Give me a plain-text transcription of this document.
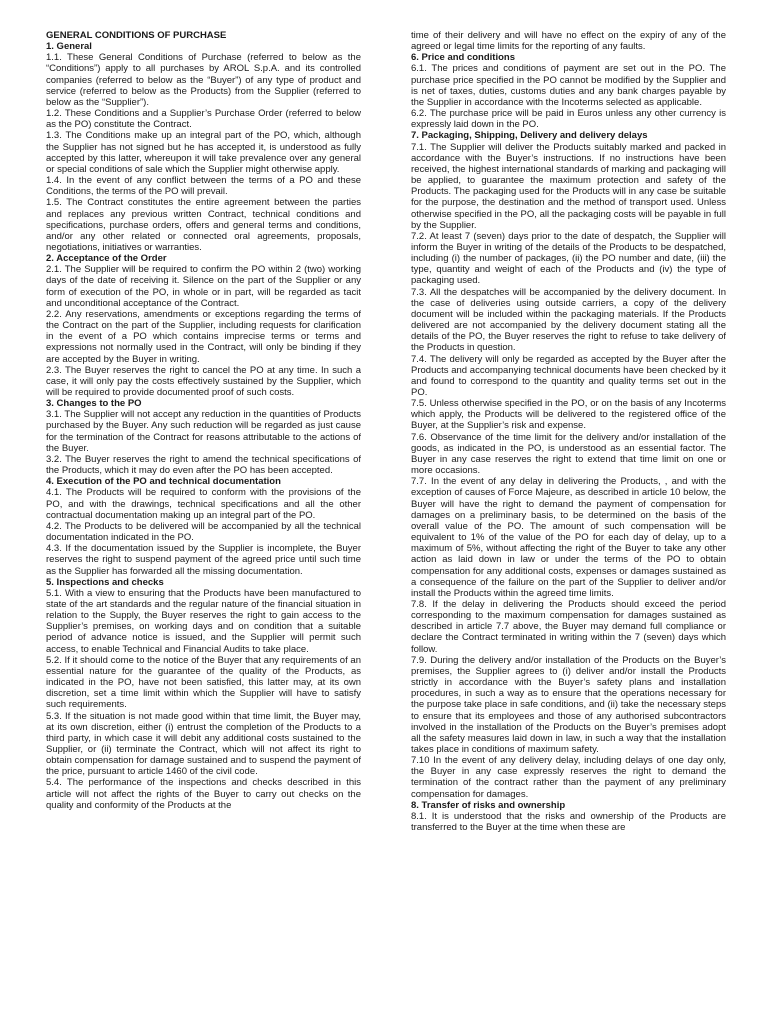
GENERAL CONDITIONS OF PURCHASE
1. General

1.1. These General Conditions of Purchase (referred to below as the “Conditions”) apply to all purchases by AROL S.p.A. and its controlled companies (referred to below as the “Buyer”) of any type of product and service (referred to below as the Products) from the Supplier (referred to below as the “Supplier”).

1.2. These Conditions and a Supplier’s Purchase Order (referred to below as the PO) constitute the Contract.

1.3. The Conditions make up an integral part of the PO, which, although the Supplier has not signed but he has accepted it, is understood as fully accepted by this latter, whereupon it will take prevalence over any general or special conditions of sale which the Supplier might otherwise apply.

1.4. In the event of any conflict between the terms of a PO and these Conditions, the terms of the PO will prevail.

1.5. The Contract constitutes the entire agreement between the parties and replaces any previous written Contract, technical conditions and specifications, purchase orders, offers and general terms and conditions, and/or any other related or connected oral agreements, proposals, negotiations, initiatives or warranties.

2. Acceptance of the Order

2.1. The Supplier will be required to confirm the PO within 2 (two) working days of the date of receiving it. Silence on the part of the Supplier or any form of execution of the PO, in whole or in part, will be regarded as tacit and unconditional acceptance of the Contract.

2.2. Any reservations, amendments or exceptions regarding the terms of the Contract on the part of the Supplier, including requests for clarification in the event of a PO which contains imprecise terms or terms and expressions not normally used in the Contract, will only be binding if they are accepted by the Buyer in writing.

2.3. The Buyer reserves the right to cancel the PO at any time. In such a case, it will only pay the costs effectively sustained by the Supplier, which will be required to provide documented proof of such costs.

3. Changes to the PO

3.1. The Supplier will not accept any reduction in the quantities of Products purchased by the Buyer. Any such reduction will be regarded as just cause for the termination of the Contract for reasons attributable to the actions of the Buyer.

3.2. The Buyer reserves the right to amend the technical specifications of the Products, which it may do even after the PO has been accepted.

4. Execution of the PO and technical documentation

4.1. The Products will be required to conform with the provisions of the PO, and with the drawings, technical specifications and all the other contractual documentation making up an integral part of the PO.

4.2. The Products to be delivered will be accompanied by all the technical documentation indicated in the PO.

4.3. If the documentation issued by the Supplier is incomplete, the Buyer reserves the right to suspend payment of the agreed price until such time as the Supplier has forwarded all the missing documentation.

5. Inspections and checks

5.1. With a view to ensuring that the Products have been manufactured to state of the art standards and the regular nature of the financial situation in relation to the Supply, the Buyer reserves the right to gain access to the Supplier’s premises, on working days and on condition that a suitable period of advance notice is issued, and the Supplier will permit such access, to enable Technical and Financial Audits to take place.

5.2. If it should come to the notice of the Buyer that any requirements of an essential nature for the guarantee of the quality of the Products, as indicated in the PO, have not been satisfied, this latter may, at its own discretion, set a time limit within which the Supplier will have to satisfy such requirements.

5.3. If the situation is not made good within that time limit, the Buyer may, at its own discretion, either (i) entrust the completion of the Products to a third party, in which case it will debit any additional costs sustained to the Supplier, or (ii) terminate the Contract, which will not affect its right to obtain compensation for damage sustained and to suspend the payment of the price, pursuant to article 1460 of the civil code.

5.4. The performance of the inspections and checks described in this article will not affect the rights of the Buyer to carry out checks on the quality and conformity of the Products at the

time of their delivery and will have no effect on the expiry of any of the agreed or legal time limits for the reporting of any faults.

6. Price and conditions

6.1. The prices and conditions of payment are set out in the PO. The purchase price specified in the PO cannot be modified by the Supplier and is net of taxes, duties, customs duties and any bank charges payable by the Supplier in accordance with the Incoterms selected as applicable.

6.2. The purchase price will be paid in Euros unless any other currency is expressly laid down in the PO.

7. Packaging, Shipping, Delivery and delivery delays

7.1. The Supplier will deliver the Products suitably marked and packed in accordance with the Buyer’s instructions. If no instructions have been received, the highest international standards of marking and packaging will be applied, to guarantee the maximum protection and safety of the Products. The packaging used for the Products will in any case be suitable for the purpose, the destination and the method of transport used. Unless otherwise specified in the PO, all the packaging costs will be payable in full by the Supplier.

7.2. At least 7 (seven) days prior to the date of despatch, the Supplier will inform the Buyer in writing of the details of the Products to be despatched, including (i) the number of packages, (ii) the PO number and date, (iii) the type, quantity and weight of each of the Products and (iv) the type of packaging used.

7.3. All the despatches will be accompanied by the delivery document. In the case of deliveries using outside carriers, a copy of the delivery document will be included within the packaging materials. If the Products delivered are not accompanied by the delivery document stating all the details of the PO, the Buyer reserves the right to refuse to take delivery of the Products in question.

7.4. The delivery will only be regarded as accepted by the Buyer after the Products and accompanying technical documents have been checked by it and found to correspond to the quantity and quality terms set out in the PO.

7.5. Unless otherwise specified in the PO, or on the basis of any Incoterms which apply, the Products will be delivered to the registered office of the Buyer, at the Supplier’s risk and expense.

7.6. Observance of the time limit for the delivery and/or installation of the goods, as indicated in the PO, is understood as an essential factor. The Buyer in any case reserves the right to extend that time limit on one or more occasions.

7.7. In the event of any delay in delivering the Products, , and with the exception of causes of Force Majeure, as described in article 10 below, the Buyer will have the right to demand the payment of compensation for damages on a preliminary basis, to be determined on the basis of the overall value of the PO. The amount of such compensation will be equivalent to 1% of the value of the PO for each day of delay, up to a maximum of 5%, without affecting the right of the Buyer to take any other action as laid down in law or under the terms of the PO to obtain compensation for any additional costs, expenses or damages sustained as a consequence of the failure on the part of the Supplier to deliver and/or install the Products within the agreed time limits.

7.8. If the delay in delivering the Products should exceed the period corresponding to the maximum compensation for damages sustained as described in article 7.7 above, the Buyer may demand full compliance or declare the Contract terminated in writing within the 7 (seven) days which follow.

7.9. During the delivery and/or installation of the Products on the Buyer’s premises, the Supplier agrees to (i) deliver and/or install the Products strictly in accordance with the Buyer’s safety plans and installation procedures, in such a way as to ensure that the operations necessary for the purpose take place in safe conditions, and (ii) take the necessary steps to ensure that its employees and those of any authorised subcontractors involved in the installation of the Products on the Buyer’s premises adopt all the safety measures laid down in law, in such a way that the installation takes place in conditions of maximum safety.

7.10 In the event of any delivery delay, including delays of one day only, the Buyer in any case expressly reserves the right to demand the termination of the contract rather than the payment of any preliminary compensation for damages.

8. Transfer of risks and ownership

8.1. It is understood that the risks and ownership of the Products are transferred to the Buyer at the time when these are
